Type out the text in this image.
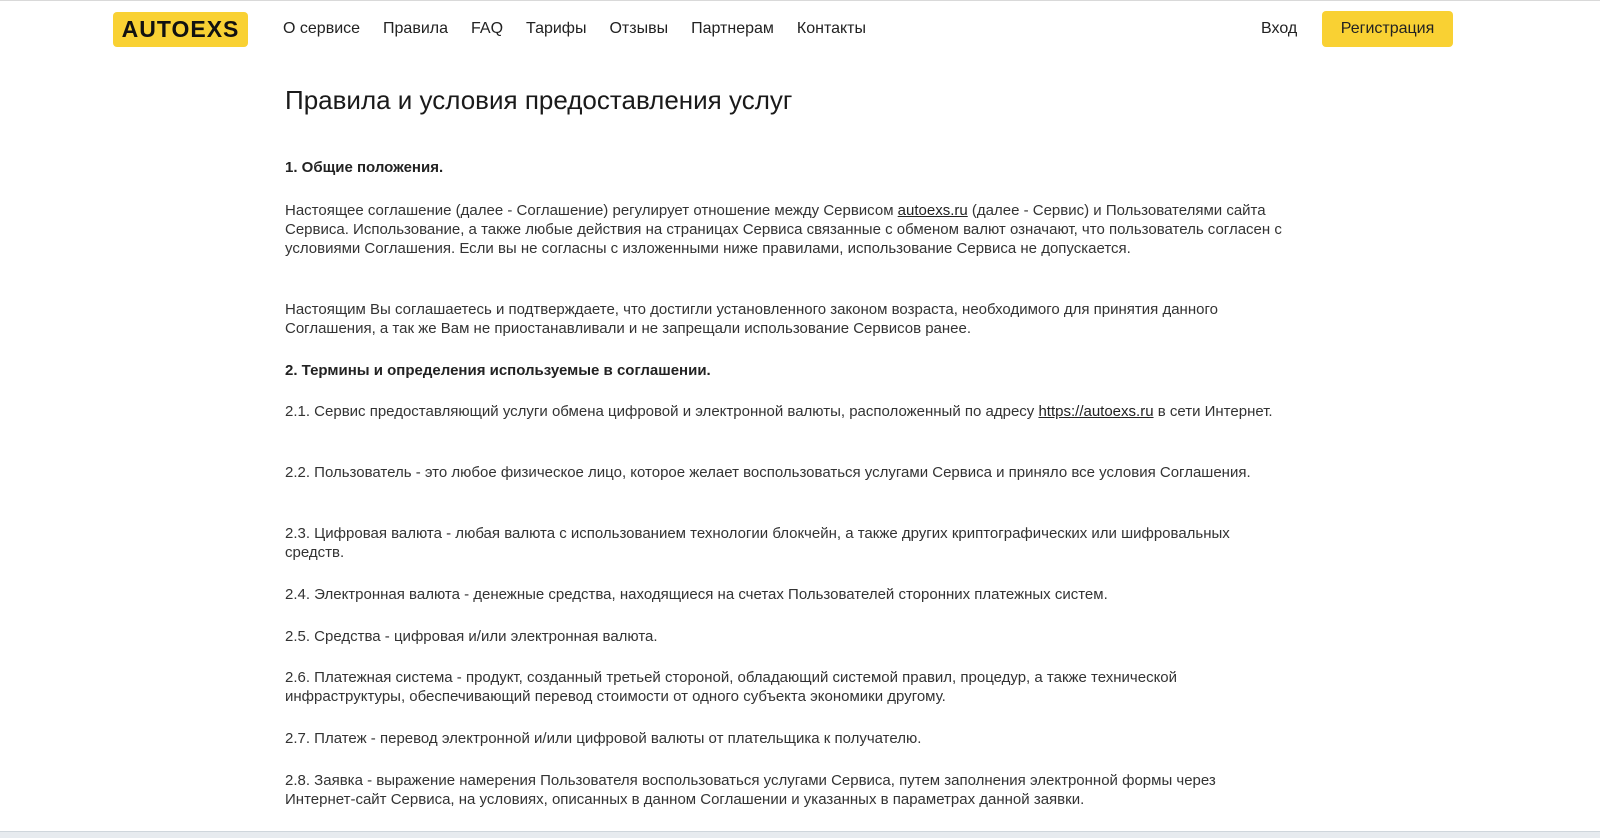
AUTOEXS	О сервисе Правила FAQ Тарифы Отзывы Партнерам Контакты	Вход	Регистрация
Правила и условия предоставления услуг

1. Общие положения.

Настоящее соглашение (далее - Соглашение) регулирует отношение между Сервисом autoexs.ru (далее - Сервис) и Пользователями сайта Сервиса. Использование, а также любые действия на страницах Сервиса связанные с обменом валют означают, что пользователь согласен с условиями Соглашения. Если вы не согласны с изложенными ниже правилами, использование Сервиса не допускается.

Настоящим Вы соглашаетесь и подтверждаете, что достигли установленного законом возраста, необходимого для принятия данного Соглашения, а так же Вам не приостанавливали и не запрещали использование Сервисов ранее.

2. Термины и определения используемые в соглашении.

2.1. Сервис предоставляющий услуги обмена цифровой и электронной валюты, расположенный по адресу https://autoexs.ru в сети Интернет.

2.2. Пользователь - это любое физическое лицо, которое желает воспользоваться услугами Сервиса и приняло все условия Соглашения.

2.3. Цифровая валюта - любая валюта с использованием технологии блокчейн, а также других криптографических или шифровальных средств.

2.4. Электронная валюта - денежные средства, находящиеся на счетах Пользователей сторонних платежных систем.

2.5. Средства - цифровая и/или электронная валюта.

2.6. Платежная система - продукт, созданный третьей стороной, обладающий системой правил, процедур, а также технической инфраструктуры, обеспечивающий перевод стоимости от одного субъекта экономики другому.

2.7. Платеж - перевод электронной и/или цифровой валюты от плательщика к получателю.

2.8. Заявка - выражение намерения Пользователя воспользоваться услугами Сервиса, путем заполнения электронной формы через Интернет-сайт Сервиса, на условиях, описанных в данном Соглашении и указанных в параметрах данной заявки.
